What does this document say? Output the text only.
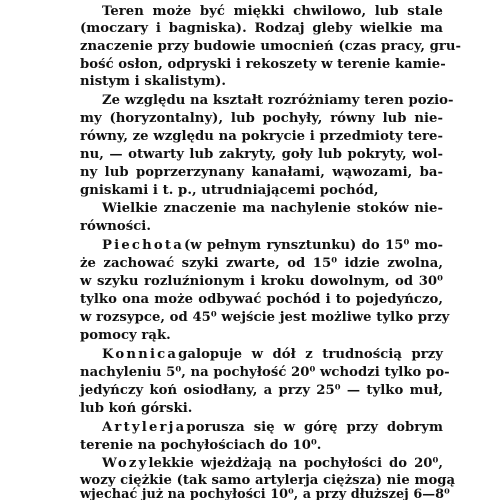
Teren może być miękki chwilowo, lub stale
(moczary i bagniska). Rodzaj gleby wielkie ma
znaczenie przy budowie umocnień (czas pracy, gru-
bość osłon, odpryski i rekoszety w terenie kamie-
nistym i skalistym).
Ze względu na kształt rozróżniamy teren pozio-
my (horyzontalny), lub pochyły, równy lub nie-
równy, ze względu na pokrycie i przedmioty tere-
nu, — otwarty lub zakryty, goły lub pokryty, wol-
ny lub poprzerzynany kanałami, wąwozami, ba-
gniskami i t. p., utrudniającemi pochód,
Wielkie znaczenie ma nachylenie stoków nie-
równości.
Piechota (w pełnym rynsztunku) do 15⁰ mo-
że zachować szyki zwarte, od 15⁰ idzie zwolna,
w szyku rozluźnionym i kroku dowolnym, od 30⁰
tylko ona może odbywać pochód i to pojedyńczo,
w rozsypce, od 45⁰ wejście jest możliwe tylko przy
pomocy rąk.
Konnica galopuje w dół z trudnością przy
nachyleniu 5⁰, na pochyłość 20⁰ wchodzi tylko po-
jedyńczy koń osiodłany, a przy 25⁰ — tylko muł,
lub koń górski.
Artylerja porusza się w górę przy dobrym
terenie na pochyłościach do 10⁰.
Wozy lekkie wjeżdżają na pochyłości do 20⁰,
wozy ciężkie (tak samo artylerja cięższa) nie mogą
wjechać już na pochyłości 10⁰, a przy dłuższej 6—8⁰
